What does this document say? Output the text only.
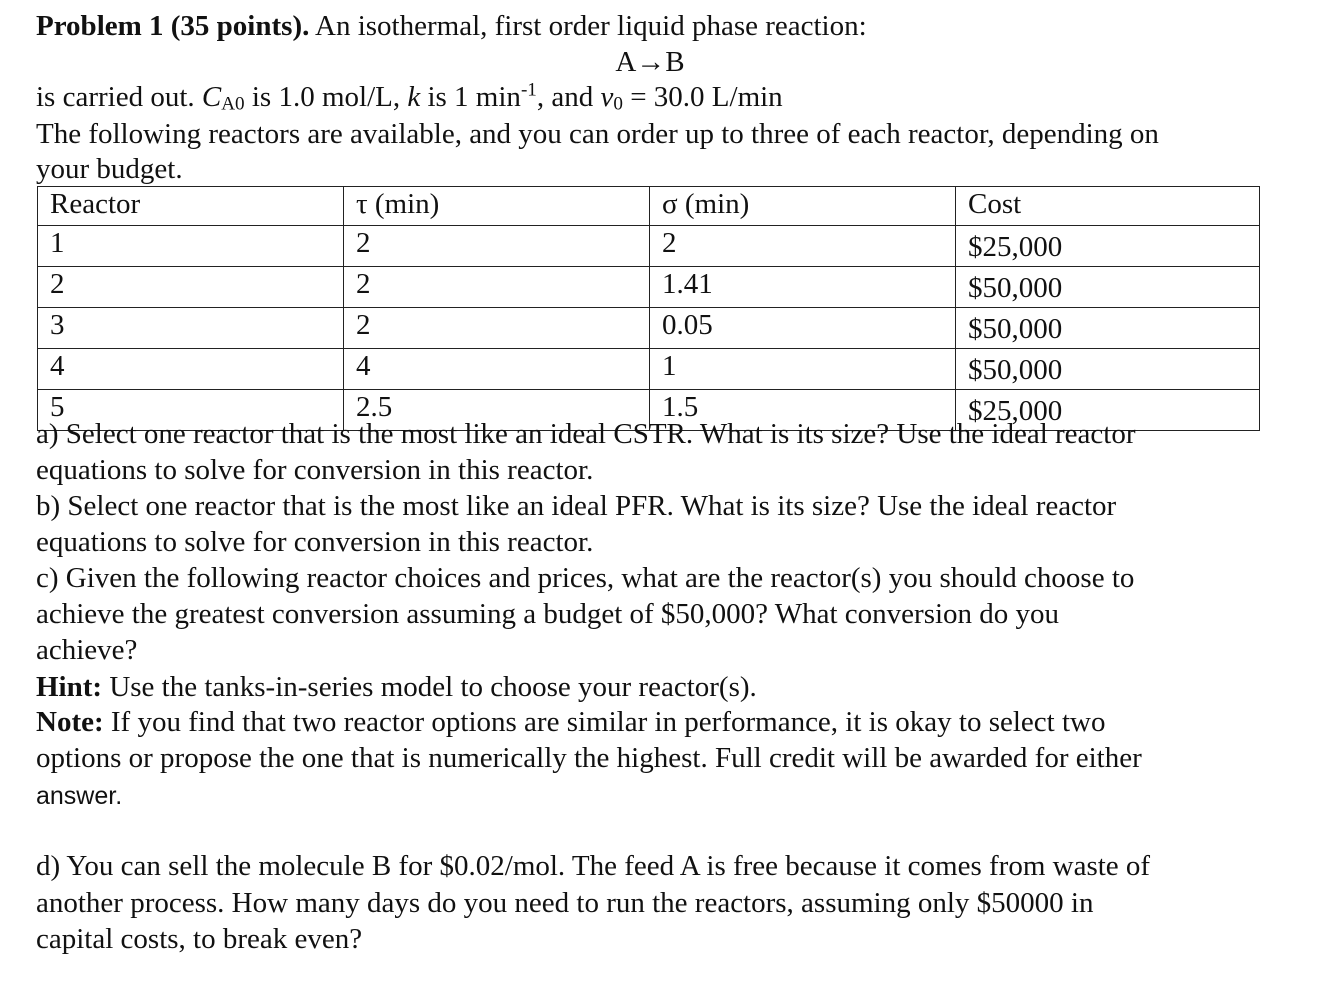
Problem 1 (35 points). An isothermal, first order liquid phase reaction:
A→B
is carried out. $C_{A0}$ is 1.0 mol/L, k is 1 $\min^{-1}$, and $v_0 = 30.0$ L/min
The following reactors are available, and you can order up to three of each reactor, depending on
your budget.
Reactor	τ (min)	σ (min)	Cost
1	2	2	$25,000
2	2	1.41	$50,000
3	2	0.05	$50,000
4	4	1	$50,000
5	2.5	1.5	$25,000
a) Select one reactor that is the most like an ideal CSTR. What is its size? Use the ideal reactor
equations to solve for conversion in this reactor.
b) Select one reactor that is the most like an ideal PFR. What is its size? Use the ideal reactor
equations to solve for conversion in this reactor.
c) Given the following reactor choices and prices, what are the reactor(s) you should choose to
achieve the greatest conversion assuming a budget of $50,000? What conversion do you
achieve?
Hint: Use the tanks-in-series model to choose your reactor(s).
Note: If you find that two reactor options are similar in performance, it is okay to select two
options or propose the one that is numerically the highest. Full credit will be awarded for either
answer.
d) You can sell the molecule B for $0.02/mol. The feed A is free because it comes from waste of
another process. How many days do you need to run the reactors, assuming only $50000 in
capital costs, to break even?
